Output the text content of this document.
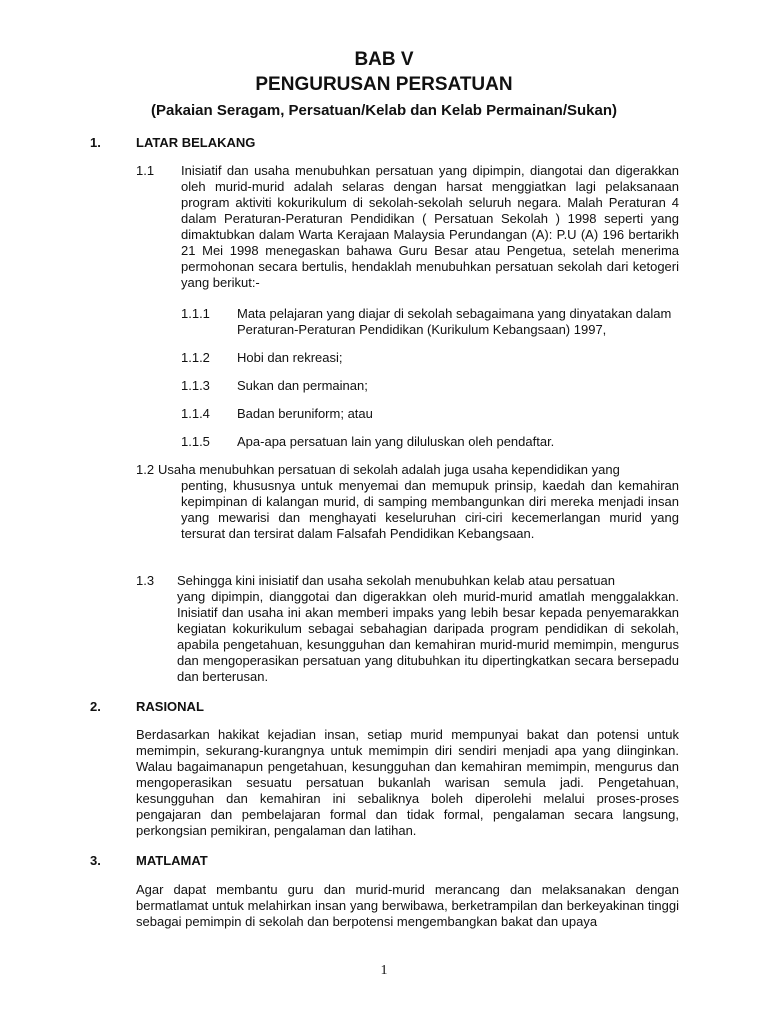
BAB V
PENGURUSAN PERSATUAN
(Pakaian Seragam, Persatuan/Kelab dan Kelab Permainan/Sukan)
1.	LATAR BELAKANG
1.1 Inisiatif dan usaha menubuhkan persatuan yang dipimpin, diangotai dan digerakkan oleh murid-murid adalah selaras dengan harsat menggiatkan lagi pelaksanaan program aktiviti kokurikulum di sekolah-sekolah seluruh negara. Malah Peraturan 4 dalam Peraturan-Peraturan Pendidikan ( Persatuan Sekolah ) 1998 seperti yang dimaktubkan dalam Warta Kerajaan Malaysia Perundangan (A): P.U (A) 196 bertarikh 21 Mei 1998 menegaskan bahawa Guru Besar atau Pengetua, setelah menerima permohonan secara bertulis, hendaklah menubuhkan persatuan sekolah dari ketogeri yang berikut:-
1.1.1 Mata pelajaran yang diajar di sekolah sebagaimana yang dinyatakan dalam Peraturan-Peraturan Pendidikan (Kurikulum Kebangsaan) 1997,
1.1.2 Hobi dan rekreasi;
1.1.3 Sukan dan permainan;
1.1.4 Badan beruniform; atau
1.1.5 Apa-apa persatuan lain yang diluluskan oleh pendaftar.
1.2 Usaha menubuhkan persatuan di sekolah adalah juga usaha kependidikan yang
penting, khususnya untuk menyemai dan memupuk prinsip, kaedah dan kemahiran kepimpinan di kalangan murid, di samping membangunkan diri mereka menjadi insan yang mewarisi dan menghayati keseluruhan ciri-ciri kecemerlangan murid yang tersurat dan tersirat dalam Falsafah Pendidikan Kebangsaan.
1.3 Sehingga kini inisiatif dan usaha sekolah menubuhkan kelab atau persatuan
yang dipimpin, dianggotai dan digerakkan oleh murid-murid amatlah menggalakkan. Inisiatif dan usaha ini akan memberi impaks yang lebih besar kepada penyemarakkan kegiatan kokurikulum sebagai sebahagian daripada program pendidikan di sekolah, apabila pengetahuan, kesungguhan dan kemahiran murid-murid memimpin, mengurus dan mengoperasikan persatuan yang ditubuhkan itu dipertingkatkan secara bersepadu dan berterusan.
2.	RASIONAL
Berdasarkan hakikat kejadian insan, setiap murid mempunyai bakat dan potensi untuk memimpin, sekurang-kurangnya untuk memimpin diri sendiri menjadi apa yang diinginkan. Walau bagaimanapun pengetahuan, kesungguhan dan kemahiran memimpin, mengurus dan mengoperasikan sesuatu persatuan bukanlah warisan semula jadi. Pengetahuan, kesungguhan dan kemahiran ini sebaliknya boleh diperolehi melalui proses-proses pengajaran dan pembelajaran formal dan tidak formal, pengalaman secara langsung, perkongsian pemikiran, pengalaman dan latihan.
3.	MATLAMAT
Agar dapat membantu guru dan murid-murid merancang dan melaksanakan dengan bermatlamat untuk melahirkan insan yang berwibawa, berketrampilan dan berkeyakinan tinggi sebagai pemimpin di sekolah dan berpotensi mengembangkan bakat dan upaya
1
